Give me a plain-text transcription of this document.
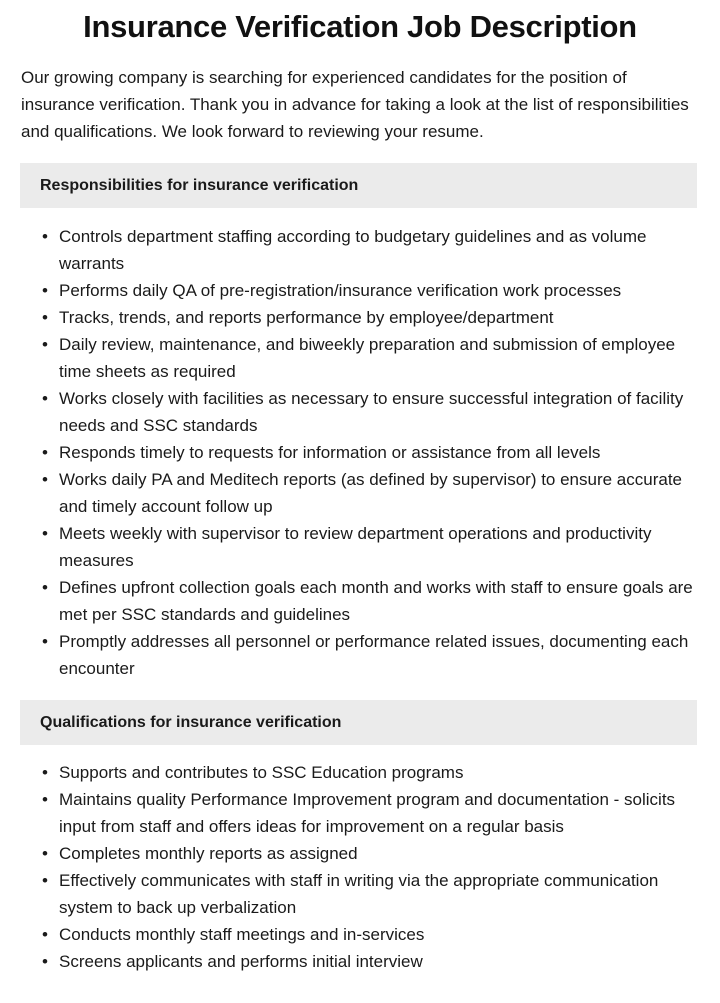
Insurance Verification Job Description

Our growing company is searching for experienced candidates for the position of insurance verification. Thank you in advance for taking a look at the list of responsibilities and qualifications. We look forward to reviewing your resume.

Responsibilities for insurance verification
• Controls department staffing according to budgetary guidelines and as volume warrants
• Performs daily QA of pre-registration/insurance verification work processes
• Tracks, trends, and reports performance by employee/department
• Daily review, maintenance, and biweekly preparation and submission of employee time sheets as required
• Works closely with facilities as necessary to ensure successful integration of facility needs and SSC standards
• Responds timely to requests for information or assistance from all levels
• Works daily PA and Meditech reports (as defined by supervisor) to ensure accurate and timely account follow up
• Meets weekly with supervisor to review department operations and productivity measures
• Defines upfront collection goals each month and works with staff to ensure goals are met per SSC standards and guidelines
• Promptly addresses all personnel or performance related issues, documenting each encounter
Qualifications for insurance verification
• Supports and contributes to SSC Education programs
• Maintains quality Performance Improvement program and documentation - solicits input from staff and offers ideas for improvement on a regular basis
• Completes monthly reports as assigned
• Effectively communicates with staff in writing via the appropriate communication system to back up verbalization
• Conducts monthly staff meetings and in-services
• Screens applicants and performs initial interview
